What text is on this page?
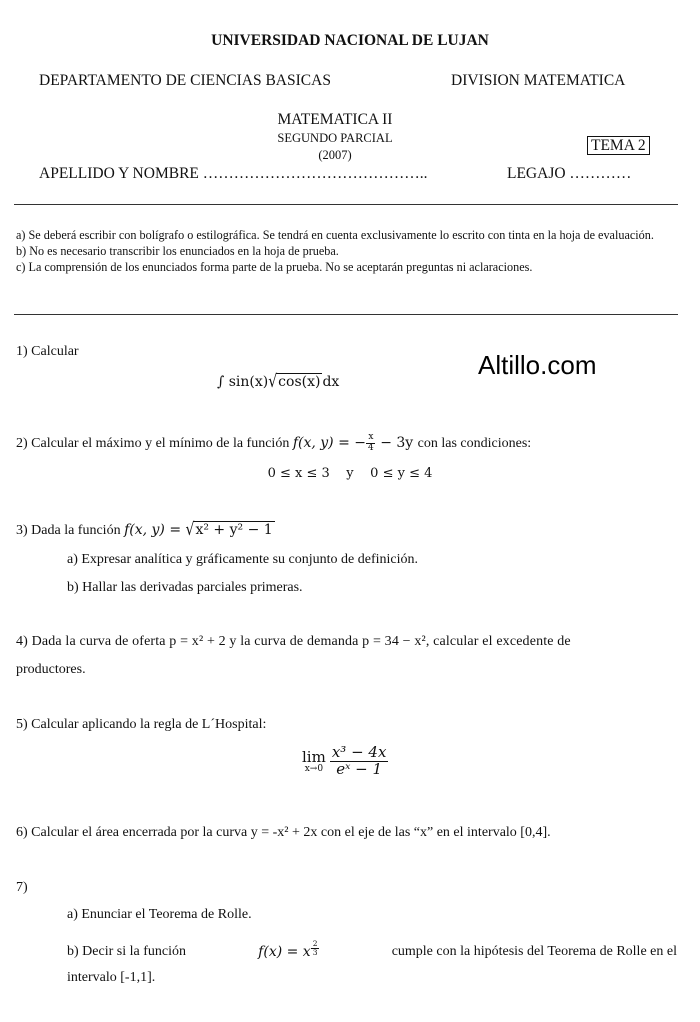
UNIVERSIDAD NACIONAL DE LUJAN
DEPARTAMENTO DE CIENCIAS BASICAS	DIVISION MATEMATICA
MATEMATICA II
SEGUNDO PARCIAL
(2007)
TEMA 2
APELLIDO Y NOMBRE ……………………………………..	LEGAJO …………
a) Se deberá escribir con bolígrafo o estilográfica. Se tendrá en cuenta exclusivamente lo escrito con tinta en la hoja de evaluación.
b) No es necesario transcribir los enunciados en la hoja de prueba.
c) La comprensión de los enunciados forma parte de la prueba. No se aceptarán preguntas ni aclaraciones.
1) Calcular
∫ sin(x)√cos(x) dx
Altillo.com
2) Calcular el máximo y el mínimo de la función f(x, y) = − $\frac{x}{4} - 3y$ con las condiciones:
0 ≤ x ≤ 3    y    0 ≤ y ≤ 4
3) Dada la función f(x, y) = √x² + y² − 1
a) Expresar analítica y gráficamente su conjunto de definición.
b) Hallar las derivadas parciales primeras.
4) Dada la curva de oferta p = x² + 2 y la curva de demanda p = 34 − x², calcular el excedente de
productores.
5) Calcular aplicando la regla de L´Hospital:
lim
$x\to 0 \frac{\text{x³ − 4x}}{\text{eˣ − 1}}$
6) Calcular el área encerrada por la curva y = -x² + 2x con el eje de las “x” en el intervalo [0,4].
7)
a) Enunciar el Teorema de Rolle.
b) Decir si la función	f(x) = x $\frac{2}{3}$	cumple con la hipótesis del Teorema de Rolle en el
intervalo [-1,1].
